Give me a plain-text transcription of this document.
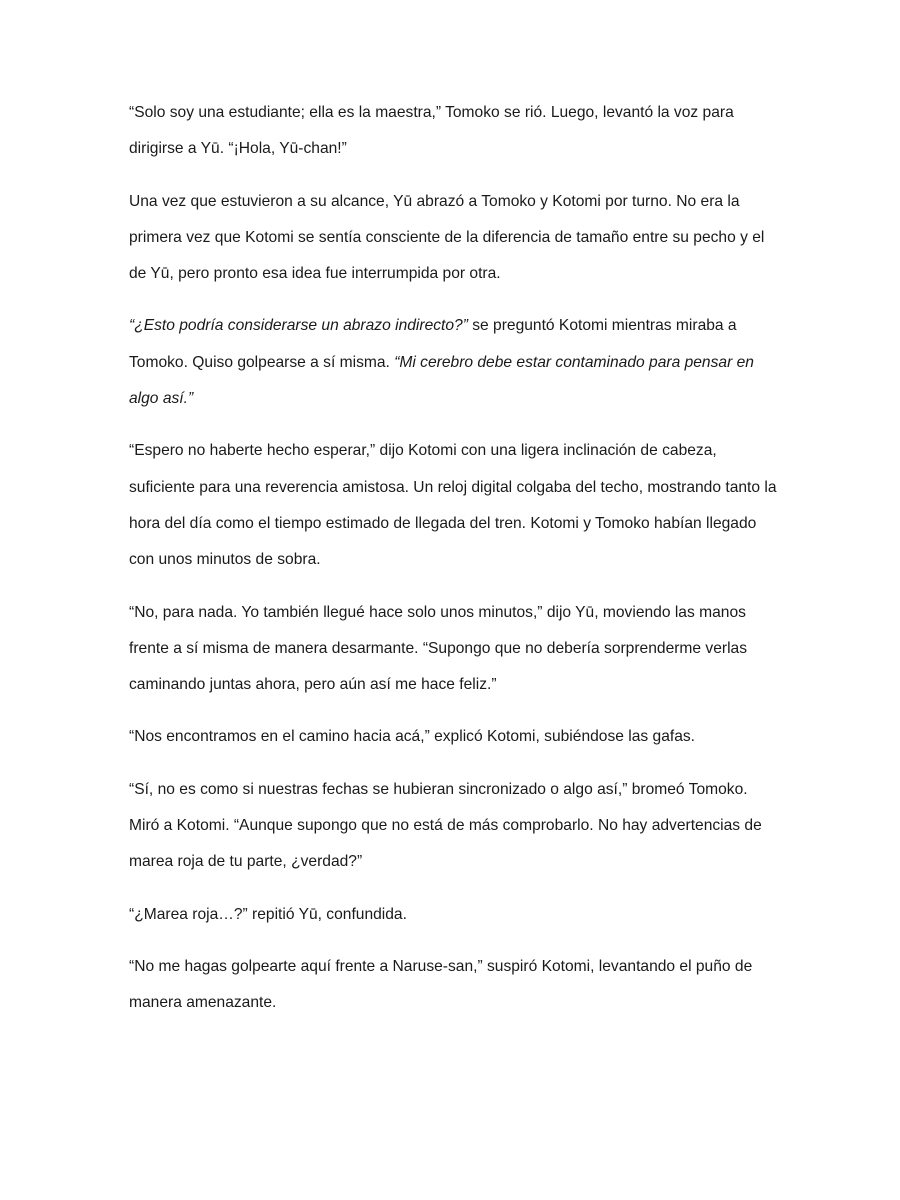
“Solo soy una estudiante; ella es la maestra,” Tomoko se rió. Luego, levantó la voz para dirigirse a Yū. “¡Hola, Yū-chan!”

Una vez que estuvieron a su alcance, Yū abrazó a Tomoko y Kotomi por turno. No era la primera vez que Kotomi se sentía consciente de la diferencia de tamaño entre su pecho y el de Yū, pero pronto esa idea fue interrumpida por otra.

“¿Esto podría considerarse un abrazo indirecto?” se preguntó Kotomi mientras miraba a Tomoko. Quiso golpearse a sí misma. “Mi cerebro debe estar contaminado para pensar en algo así.”

“Espero no haberte hecho esperar,” dijo Kotomi con una ligera inclinación de cabeza, suficiente para una reverencia amistosa. Un reloj digital colgaba del techo, mostrando tanto la hora del día como el tiempo estimado de llegada del tren. Kotomi y Tomoko habían llegado con unos minutos de sobra.

“No, para nada. Yo también llegué hace solo unos minutos,” dijo Yū, moviendo las manos frente a sí misma de manera desarmante. “Supongo que no debería sorprenderme verlas caminando juntas ahora, pero aún así me hace feliz.”

“Nos encontramos en el camino hacia acá,” explicó Kotomi, subiéndose las gafas.

“Sí, no es como si nuestras fechas se hubieran sincronizado o algo así,” bromeó Tomoko. Miró a Kotomi. “Aunque supongo que no está de más comprobarlo. No hay advertencias de marea roja de tu parte, ¿verdad?”

“¿Marea roja…?” repitió Yū, confundida.

“No me hagas golpearte aquí frente a Naruse-san,” suspiró Kotomi, levantando el puño de manera amenazante.
